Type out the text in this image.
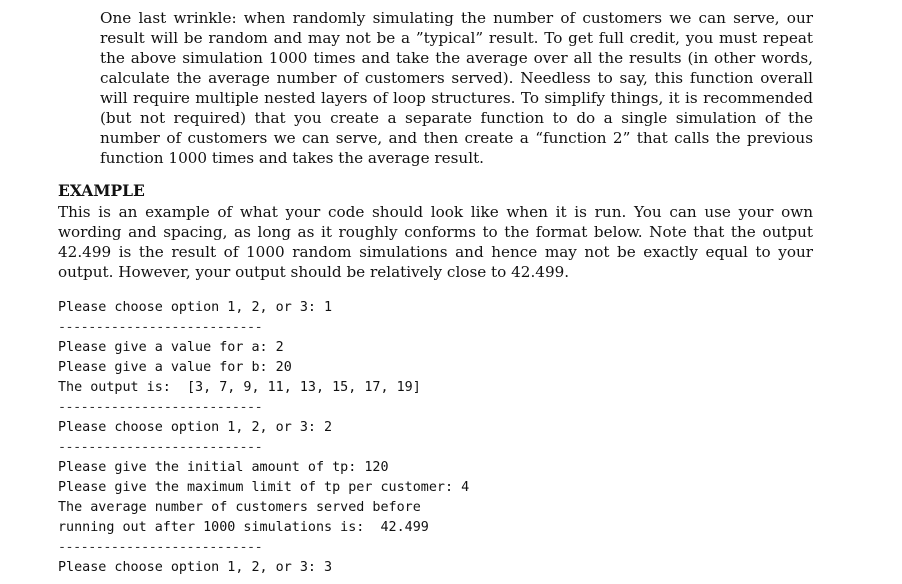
One last wrinkle: when randomly simulating the number of customers we can serve, our result will be random and may not be a ”typical” result. To get full credit, you must repeat the above simulation 1000 times and take the average over all the results (in other words, calculate the average number of customers served). Needless to say, this function overall will require multiple nested layers of loop structures. To simplify things, it is recommended (but not required) that you create a separate function to do a single simulation of the number of customers we can serve, and then create a “function 2” that calls the previous function 1000 times and takes the average result.

EXAMPLE

This is an example of what your code should look like when it is run. You can use your own wording and spacing, as long as it roughly conforms to the format below. Note that the output 42.499 is the result of 1000 random simulations and hence may not be exactly equal to your output. However, your output should be relatively close to 42.499.

Please choose option 1, 2, or 3: 1
---------------------------
Please give a value for a: 2
Please give a value for b: 20
The output is:  [3, 7, 9, 11, 13, 15, 17, 19]
---------------------------
Please choose option 1, 2, or 3: 2
---------------------------
Please give the initial amount of tp: 120
Please give the maximum limit of tp per customer: 4
The average number of customers served before
running out after 1000 simulations is:  42.499
---------------------------
Please choose option 1, 2, or 3: 3
